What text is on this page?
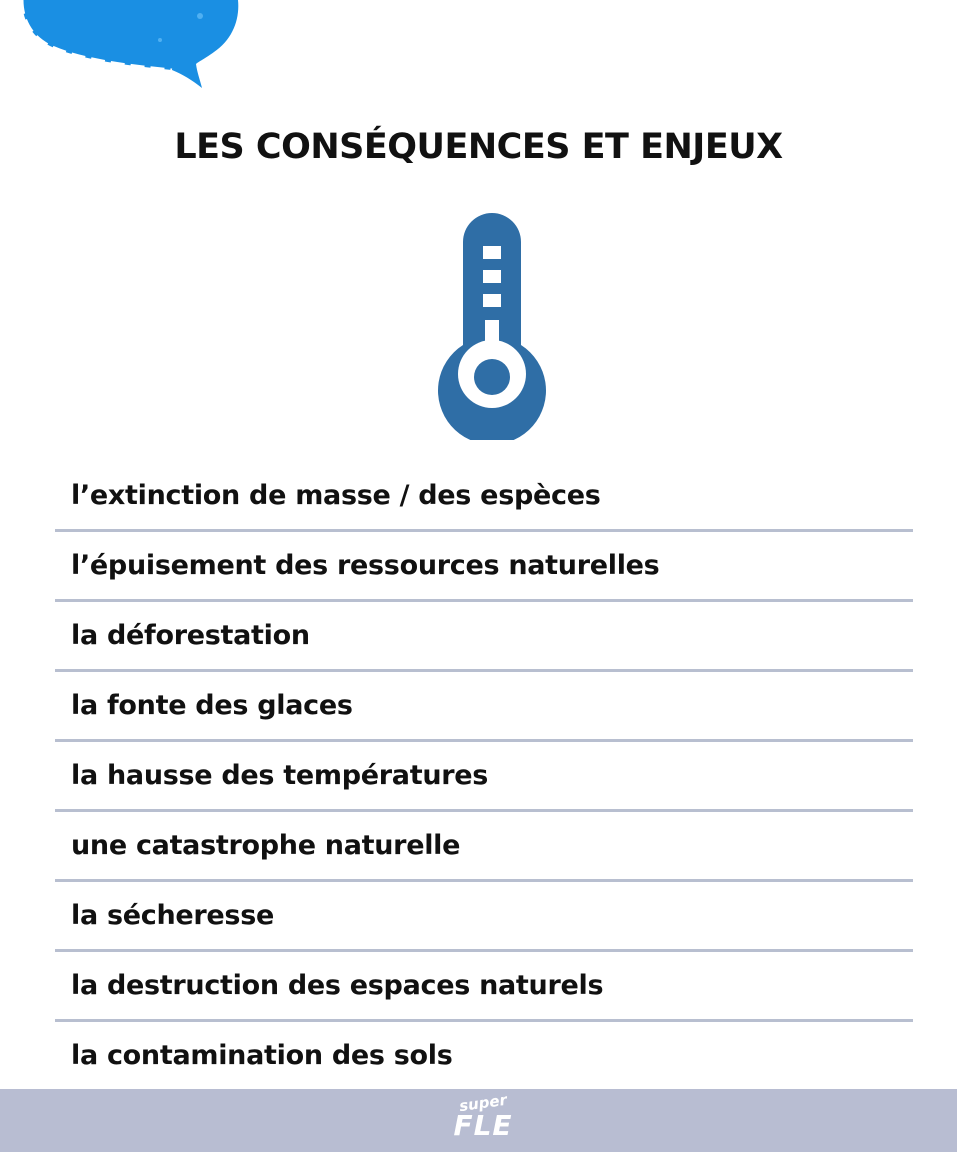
LES CONSÉQUENCES ET ENJEUX
l’extinction de masse / des espèces
l’épuisement des ressources naturelles
la déforestation
la fonte des glaces
la hausse des températures
une catastrophe naturelle
la sécheresse
la destruction des espaces naturels
la contamination des sols
super
FLE
